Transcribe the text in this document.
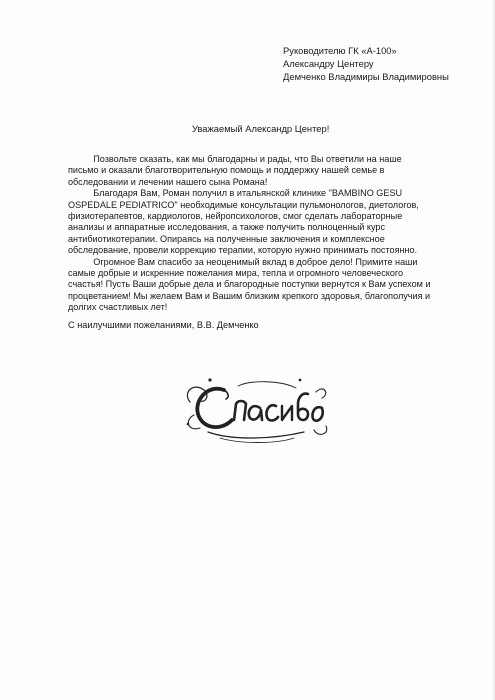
Руководителю ГК «А-100»
Александру Центеру
Демченко Владимиры Владимировны
Уважаемый Александр Центер!
Позвольте сказать, как мы благодарны и рады, что Вы ответили на наше
письмо и оказали благотворительную помощь и поддержку нашей семье в
обследовании и лечении нашего сына Романа!
Благодаря Вам, Роман получил в итальянской клинике "BAMBINO GESU
OSPEDALE PEDIATRICO" необходимые консультации пульмонологов, диетологов,
физиотерапевтов, кардиологов, нейропсихологов, смог сделать лабораторные
анализы и аппаратные исследования, а также получить полноценный курс
антибиотикотерапии. Опираясь на полученные заключения и комплексное
обследование, провели коррекцию терапии, которую нужно принимать постоянно.
Огромное Вам спасибо за неоценимый вклад в доброе дело! Примите наши
самые добрые и искренние пожелания мира, тепла и огромного человеческого
счастья! Пусть Ваши добрые дела и благородные поступки вернутся к Вам успехом и
процветанием! Мы желаем Вам и Вашим близким крепкого здоровья, благополучия и
долгих счастливых лет!
С наилучшими пожеланиями, В.В. Демченко
